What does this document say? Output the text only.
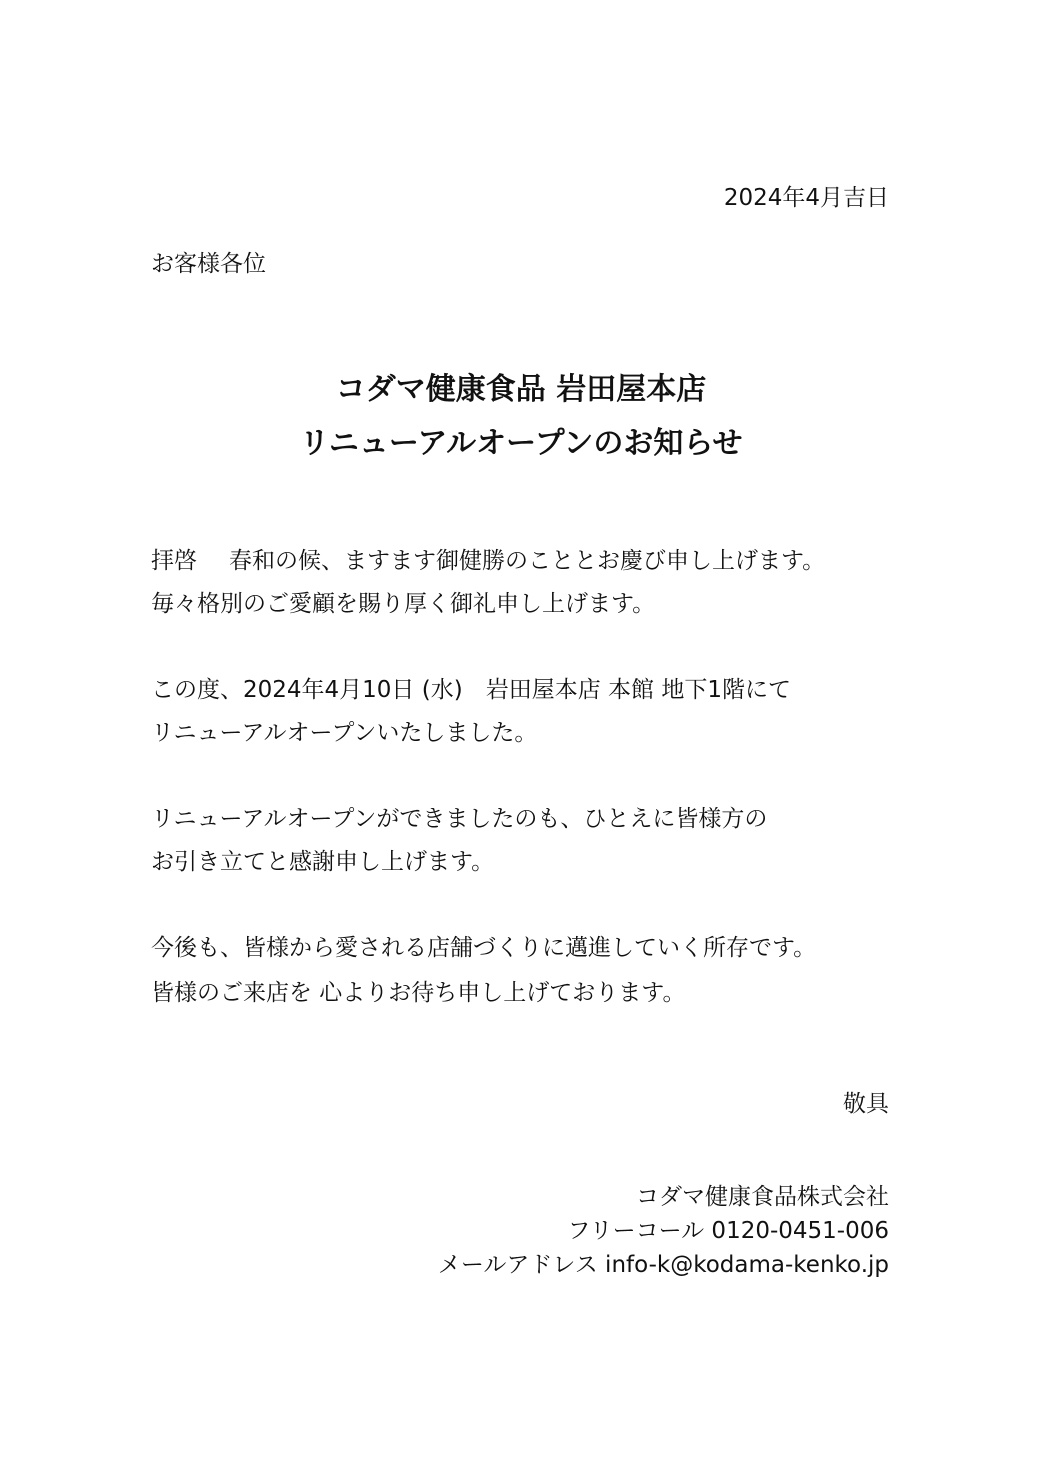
2024年4月吉日
お客様各位
コダマ健康食品 岩田屋本店
リニューアルオープンのお知らせ
拝啓 春和の候、ますます御健勝のこととお慶び申し上げます。
毎々格別のご愛顧を賜り厚く御礼申し上げます。
この度、2024年4月10日 (水)　岩田屋本店 本館 地下1階にて
リニューアルオープンいたしました。
リニューアルオープンができましたのも、ひとえに皆様方の
お引き立てと感謝申し上げます。
今後も、皆様から愛される店舗づくりに邁進していく所存です。
皆様のご来店を 心よりお待ち申し上げております。
敬具
コダマ健康食品株式会社
フリーコール 0120-0451-006
メールアドレス info-k@kodama-kenko.jp
